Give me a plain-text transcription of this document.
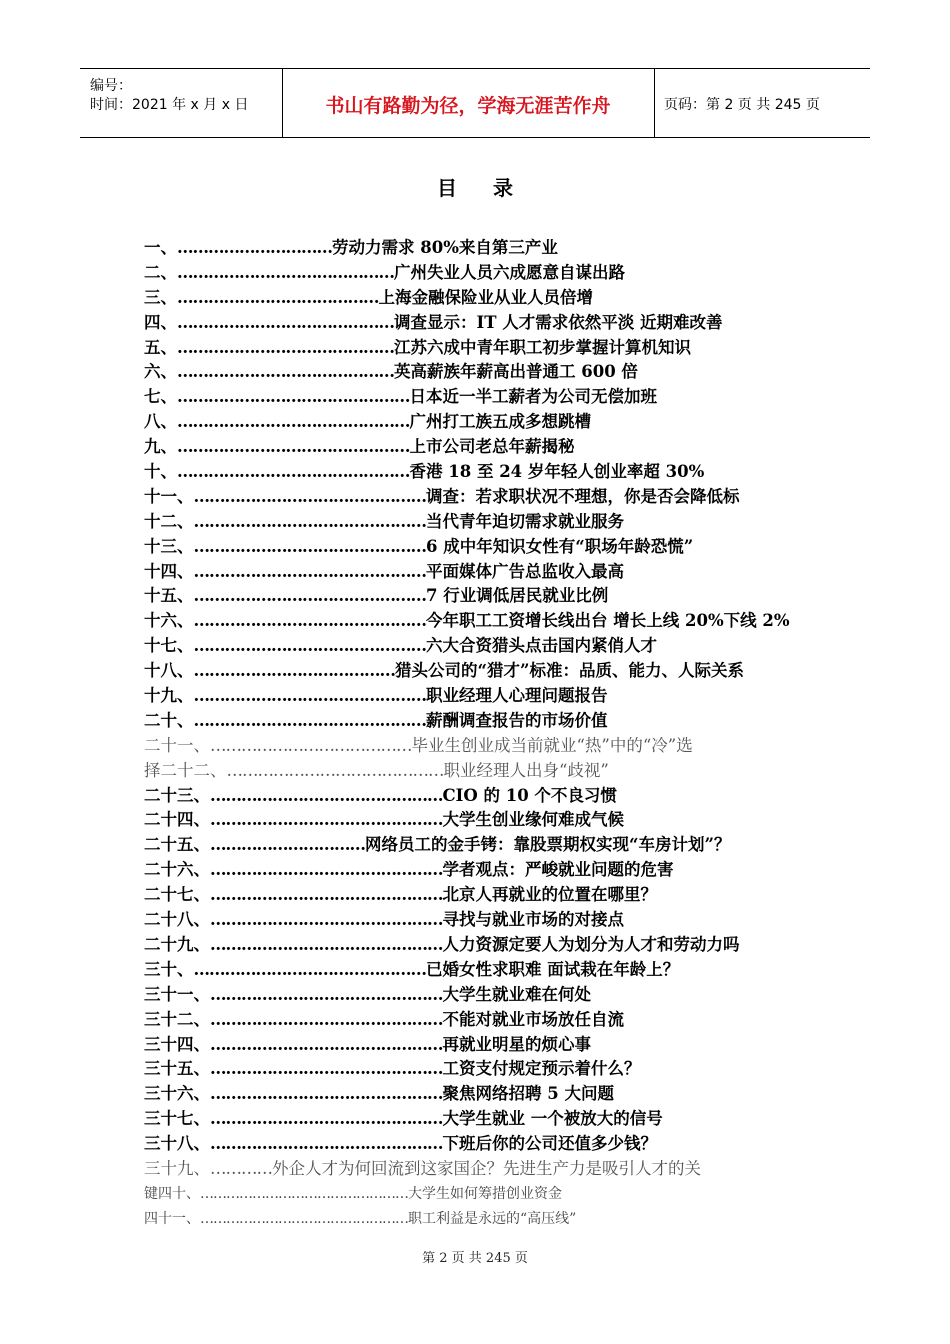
编号：
时间：2021 年 x 月 x 日	书山有路勤为径，学海无涯苦作舟	页码：第 2 页 共 245 页
目录
一、 ………………………… 劳动力需求 80%来自第三产业
二、 …………………………………… 广州失业人员六成愿意自谋出路
三、 ………………………………… 上海金融保险业从业人员倍增
四、 …………………………………… 调查显示：IT 人才需求依然平淡 近期难改善
五、 …………………………………… 江苏六成中青年职工初步掌握计算机知识
六、 …………………………………… 英高薪族年薪高出普通工 600 倍
七、 ……………………………………… 日本近一半工薪者为公司无偿加班
八、 ……………………………………… 广州打工族五成多想跳槽
九、 ……………………………………… 上市公司老总年薪揭秘
十、 ……………………………………… 香港 18 至 24 岁年轻人创业率超 30%
十一、 ……………………………………… 调查：若求职状况不理想，你是否会降低标
十二、 ……………………………………… 当代青年迫切需求就业服务
十三、 ……………………………………… 6 成中年知识女性有“职场年龄恐慌”
十四、 ……………………………………… 平面媒体广告总监收入最高
十五、 ……………………………………… 7 行业调低居民就业比例
十六、 ……………………………………… 今年职工工资增长线出台 增长上线 20%下线 2%
十七、 ……………………………………… 六大合资猎头点击国内紧俏人才
十八、 ………………………………… 猎头公司的“猎才”标准：品质、能力、人际关系
十九、 ……………………………………… 职业经理人心理问题报告
二十、 ……………………………………… 薪酬调查报告的市场价值
二十一、 ………………………………… 毕业生创业成当前就业“热”中的“冷”选
择二十二、 …………………………………… 职业经理人出身“歧视”
二十三、 ……………………………………… CIO 的 10 个不良习惯
二十四、 ……………………………………… 大学生创业缘何难成气候
二十五、 ………………………… 网络员工的金手铐：靠股票期权实现“车房计划”？
二十六、 ……………………………………… 学者观点：严峻就业问题的危害
二十七、 ……………………………………… 北京人再就业的位置在哪里？
二十八、 ……………………………………… 寻找与就业市场的对接点
二十九、 ……………………………………… 人力资源定要人为划分为人才和劳动力吗
三十、 ……………………………………… 已婚女性求职难 面试栽在年龄上？
三十一、 ……………………………………… 大学生就业难在何处
三十二、 ……………………………………… 不能对就业市场放任自流
三十四、 ……………………………………… 再就业明星的烦心事
三十五、 ……………………………………… 工资支付规定预示着什么？
三十六、 ……………………………………… 聚焦网络招聘 5 大问题
三十七、 ……………………………………… 大学生就业 一个被放大的信号
三十八、 ……………………………………… 下班后你的公司还值多少钱？
三十九、 ………… 外企人才为何回流到这家国企？先进生产力是吸引人才的关
键四十、 ………………………………………… 大学生如何筹措创业资金
四十一、 ………………………………………… 职工利益是永远的“高压线”
第 2 页 共 245 页
